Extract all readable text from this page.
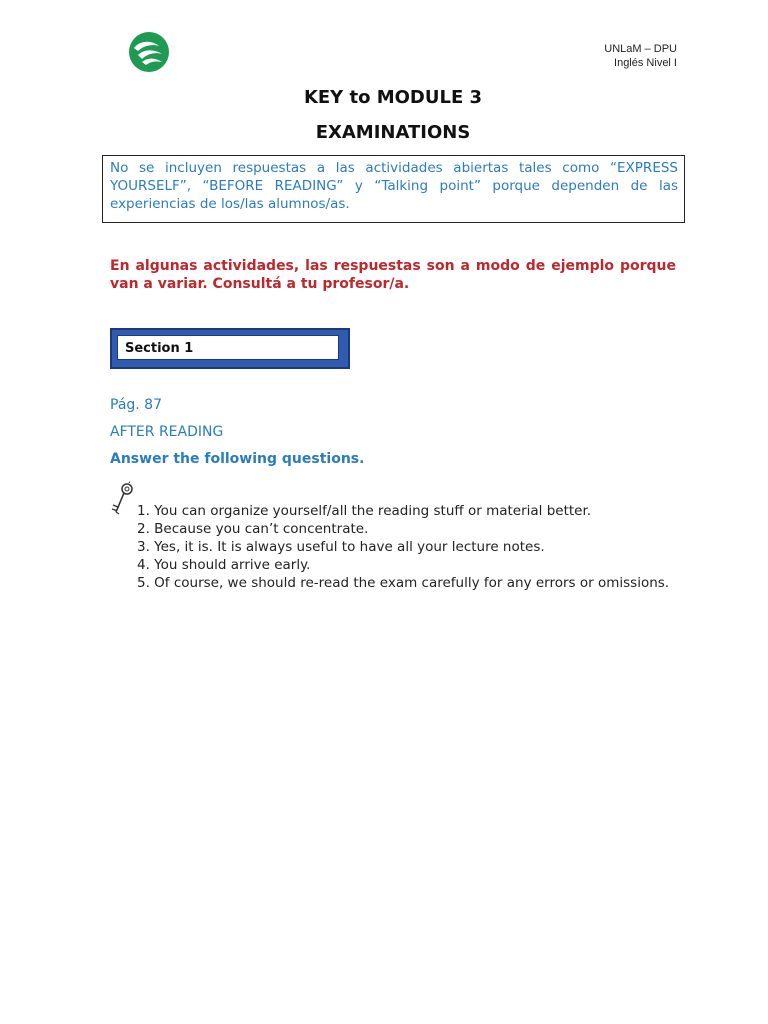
UNLaM – DPU
Inglés Nivel I
KEY to MODULE 3
EXAMINATIONS
No se incluyen respuestas a las actividades abiertas tales como “EXPRESS YOURSELF”, “BEFORE READING” y “Talking point” porque dependen de las experiencias de los/las alumnos/as.
En algunas actividades, las respuestas son a modo de ejemplo porque van a variar. Consultá a tu profesor/a.
Section 1
Pág. 87
AFTER READING
Answer the following questions.
1. You can organize yourself/all the reading stuff or material better.
2. Because you can’t concentrate.
3. Yes, it is. It is always useful to have all your lecture notes.
4. You should arrive early.
5. Of course, we should re-read the exam carefully for any errors or omissions.
